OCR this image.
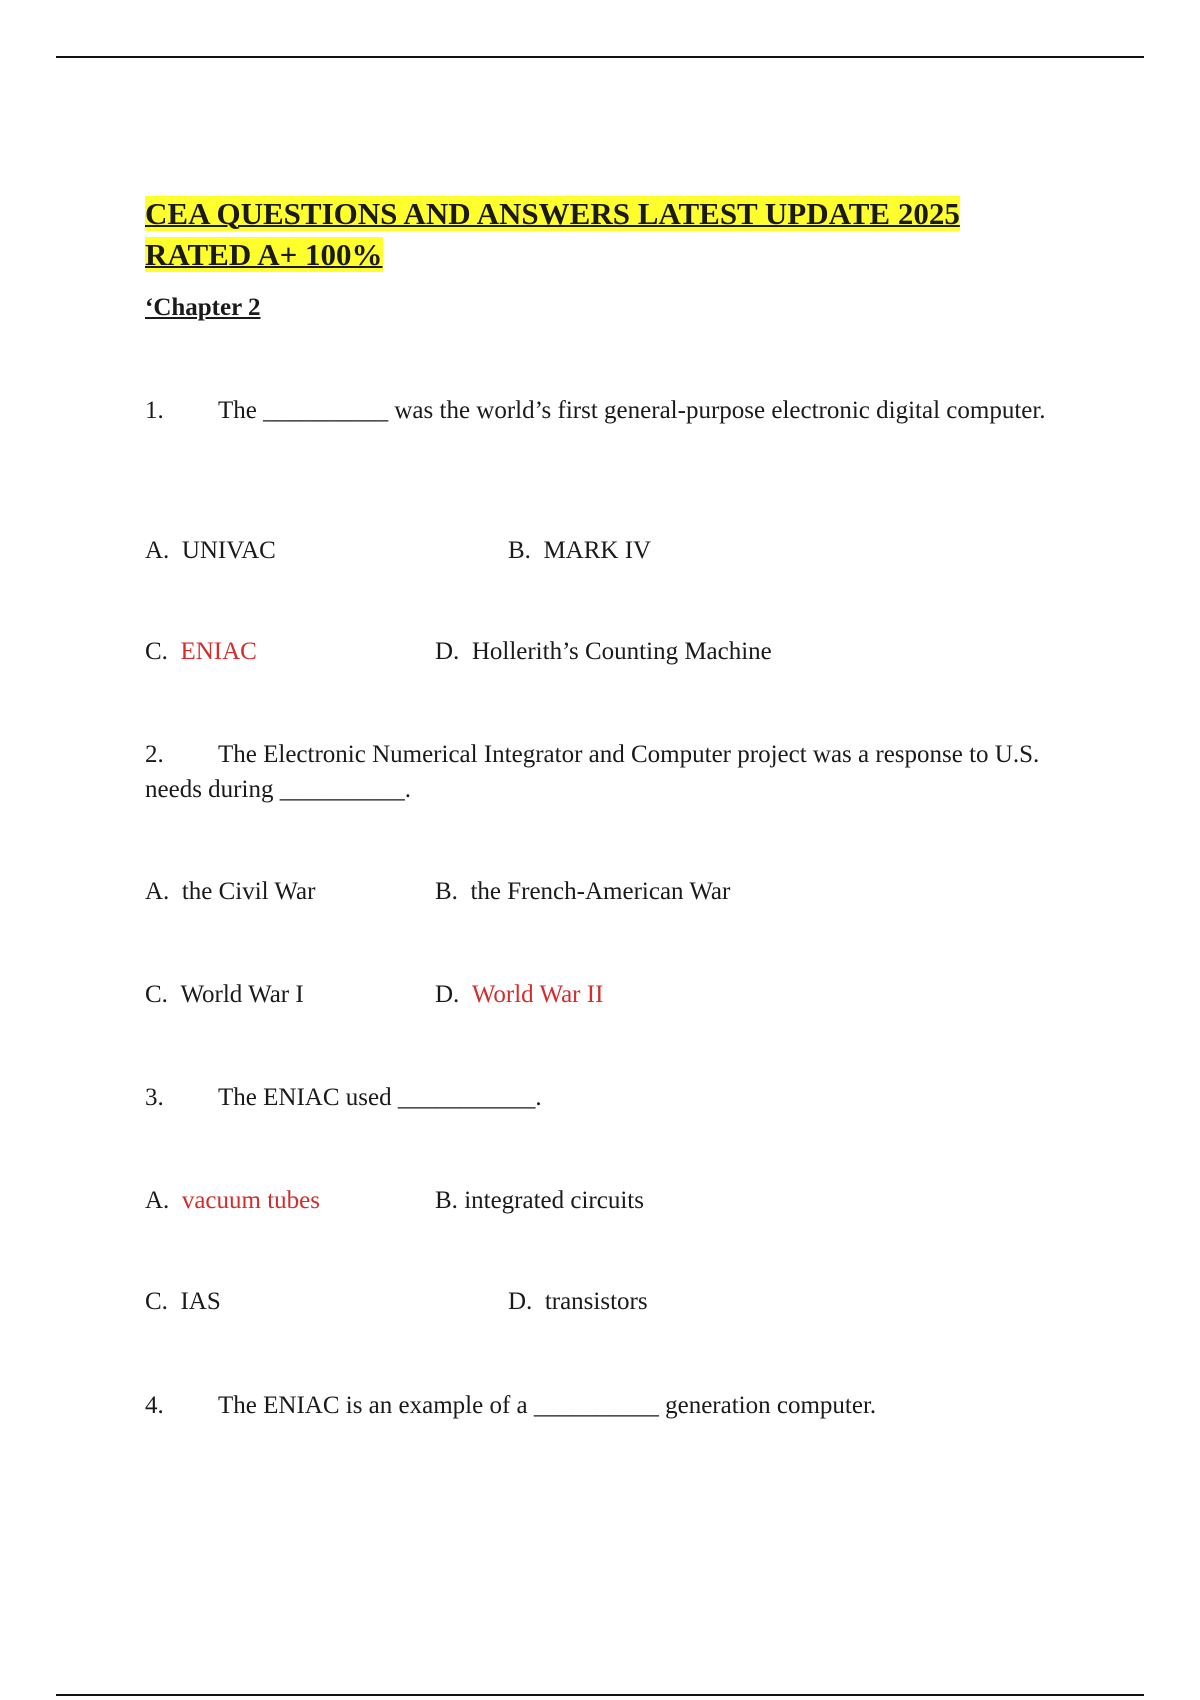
CEA QUESTIONS AND ANSWERS LATEST UPDATE 2025 RATED A+ 100%

‘Chapter 2

1. The __________ was the world’s first general-purpose electronic digital computer.

A. UNIVAC	B. MARK IV

C. ENIAC	D. Hollerith’s Counting Machine

2. The Electronic Numerical Integrator and Computer project was a response to U.S. needs during __________.

A. the Civil War	B. the French-American War

C. World War I	D. World War II

3. The ENIAC used ___________.

A. vacuum tubes	B. integrated circuits

C. IAS	D. transistors

4. The ENIAC is an example of a __________ generation computer.
